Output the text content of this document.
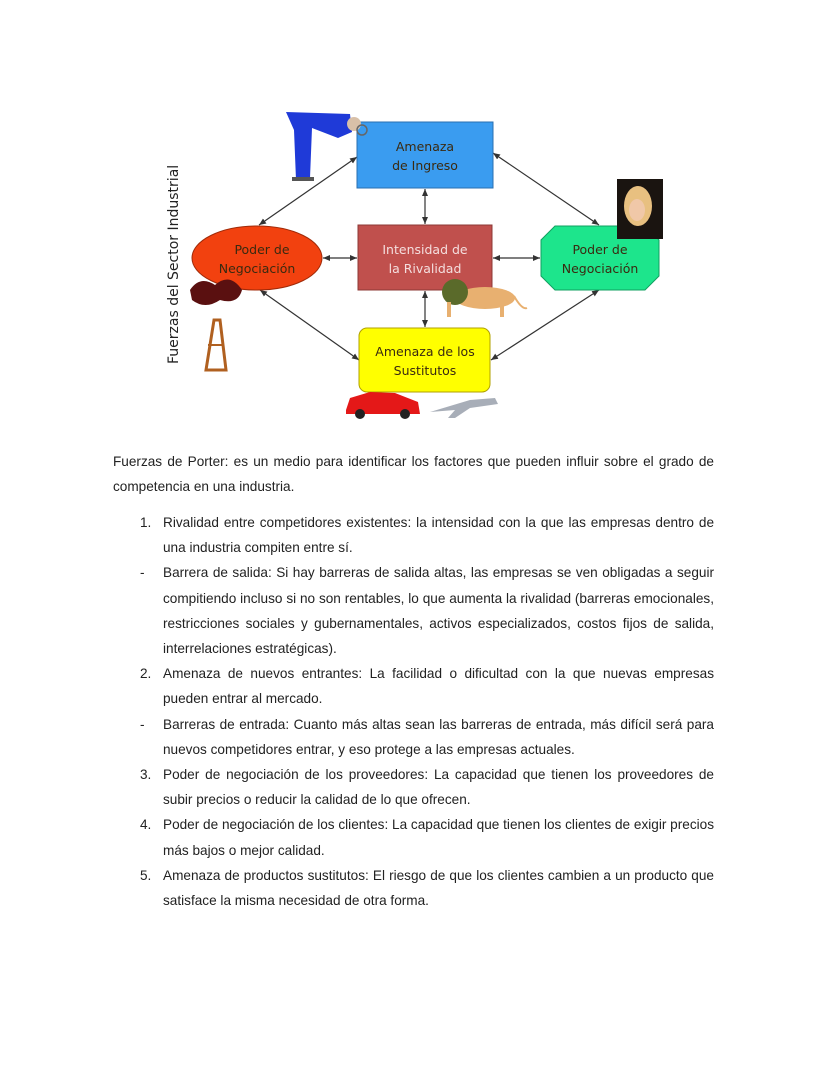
Fuerzas del Sector Industrial
Amenaza
de Ingreso
Intensidad de
la Rivalidad
Poder de
Negociación
Poder de
Negociación
Amenaza de los
Sustitutos
Fuerzas de Porter: es un medio para identificar los factores que pueden influir sobre el grado de competencia en una industria.
1. Rivalidad entre competidores existentes: la intensidad con la que las empresas dentro de una industria compiten entre sí.
- Barrera de salida: Si hay barreras de salida altas, las empresas se ven obligadas a seguir compitiendo incluso si no son rentables, lo que aumenta la rivalidad (barreras emocionales, restricciones sociales y gubernamentales, activos especializados, costos fijos de salida, interrelaciones estratégicas).
2. Amenaza de nuevos entrantes: La facilidad o dificultad con la que nuevas empresas pueden entrar al mercado.
- Barreras de entrada: Cuanto más altas sean las barreras de entrada, más difícil será para nuevos competidores entrar, y eso protege a las empresas actuales.
3. Poder de negociación de los proveedores: La capacidad que tienen los proveedores de subir precios o reducir la calidad de lo que ofrecen.
4. Poder de negociación de los clientes: La capacidad que tienen los clientes de exigir precios más bajos o mejor calidad.
5. Amenaza de productos sustitutos: El riesgo de que los clientes cambien a un producto que satisface la misma necesidad de otra forma.
